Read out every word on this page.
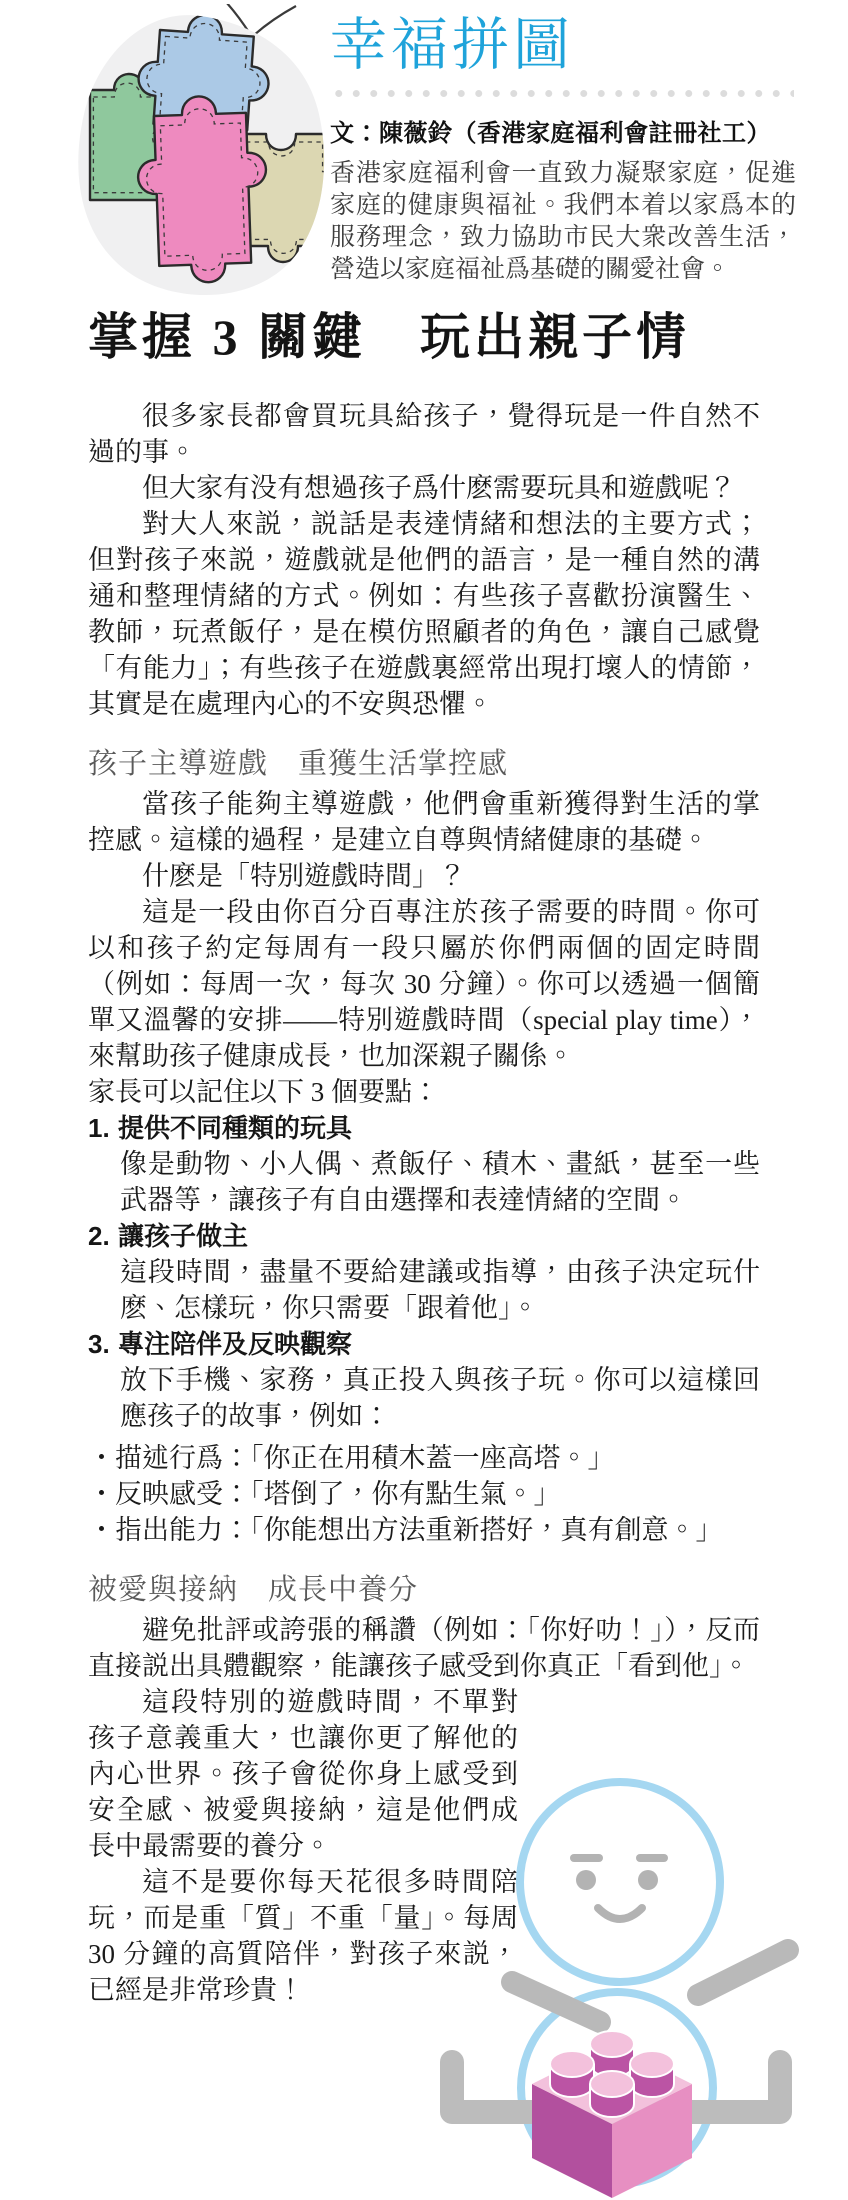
幸福拼圖

文：陳薇鈴（香港家庭福利會註冊社工）

香港家庭福利會一直致力凝聚家庭，促進家庭的健康與福祉。我們本着以家爲本的服務理念，致力協助市民大衆改善生活，營造以家庭福祉爲基礎的關愛社會。

掌握 3 關鍵　玩出親子情

很多家長都會買玩具給孩子，覺得玩是一件自然不過的事。

但大家有没有想過孩子爲什麽需要玩具和遊戲呢？

對大人來説，説話是表達情緒和想法的主要方式；但對孩子來説，遊戲就是他們的語言，是一種自然的溝通和整理情緒的方式。例如：有些孩子喜歡扮演醫生、教師，玩煮飯仔，是在模仿照顧者的角色，讓自己感覺「有能力」；有些孩子在遊戲裏經常出現打壞人的情節，其實是在處理內心的不安與恐懼。

孩子主導遊戲　重獲生活掌控感

當孩子能夠主導遊戲，他們會重新獲得對生活的掌控感。這樣的過程，是建立自尊與情緒健康的基礎。

什麽是「特別遊戲時間」？

這是一段由你百分百專注於孩子需要的時間。你可以和孩子約定每周有一段只屬於你們兩個的固定時間（例如：每周一次，每次 30 分鐘）。你可以透過一個簡單又溫馨的安排——特別遊戲時間（special play time），來幫助孩子健康成長，也加深親子關係。

家長可以記住以下 3 個要點：

1. 提供不同種類的玩具

像是動物、小人偶、煮飯仔、積木、畫紙，甚至一些武器等，讓孩子有自由選擇和表達情緒的空間。

2. 讓孩子做主

這段時間，盡量不要給建議或指導，由孩子決定玩什麽、怎樣玩，你只需要「跟着他」。

3. 專注陪伴及反映觀察

放下手機、家務，真正投入與孩子玩。你可以這樣回應孩子的故事，例如：

・ 描述行爲：「你正在用積木蓋一座高塔。」

・ 反映感受：「塔倒了，你有點生氣。」

・ 指出能力：「你能想出方法重新搭好，真有創意。」

被愛與接納　成長中養分

避免批評或誇張的稱讚（例如：「你好叻！」），反而直接説出具體觀察，能讓孩子感受到你真正「看到他」。

這段特別的遊戲時間，不單對孩子意義重大，也讓你更了解他的內心世界。孩子會從你身上感受到安全感、被愛與接納，這是他們成長中最需要的養分。

這不是要你每天花很多時間陪玩，而是重「質」不重「量」。每周 30 分鐘的高質陪伴，對孩子來説，已經是非常珍貴！
